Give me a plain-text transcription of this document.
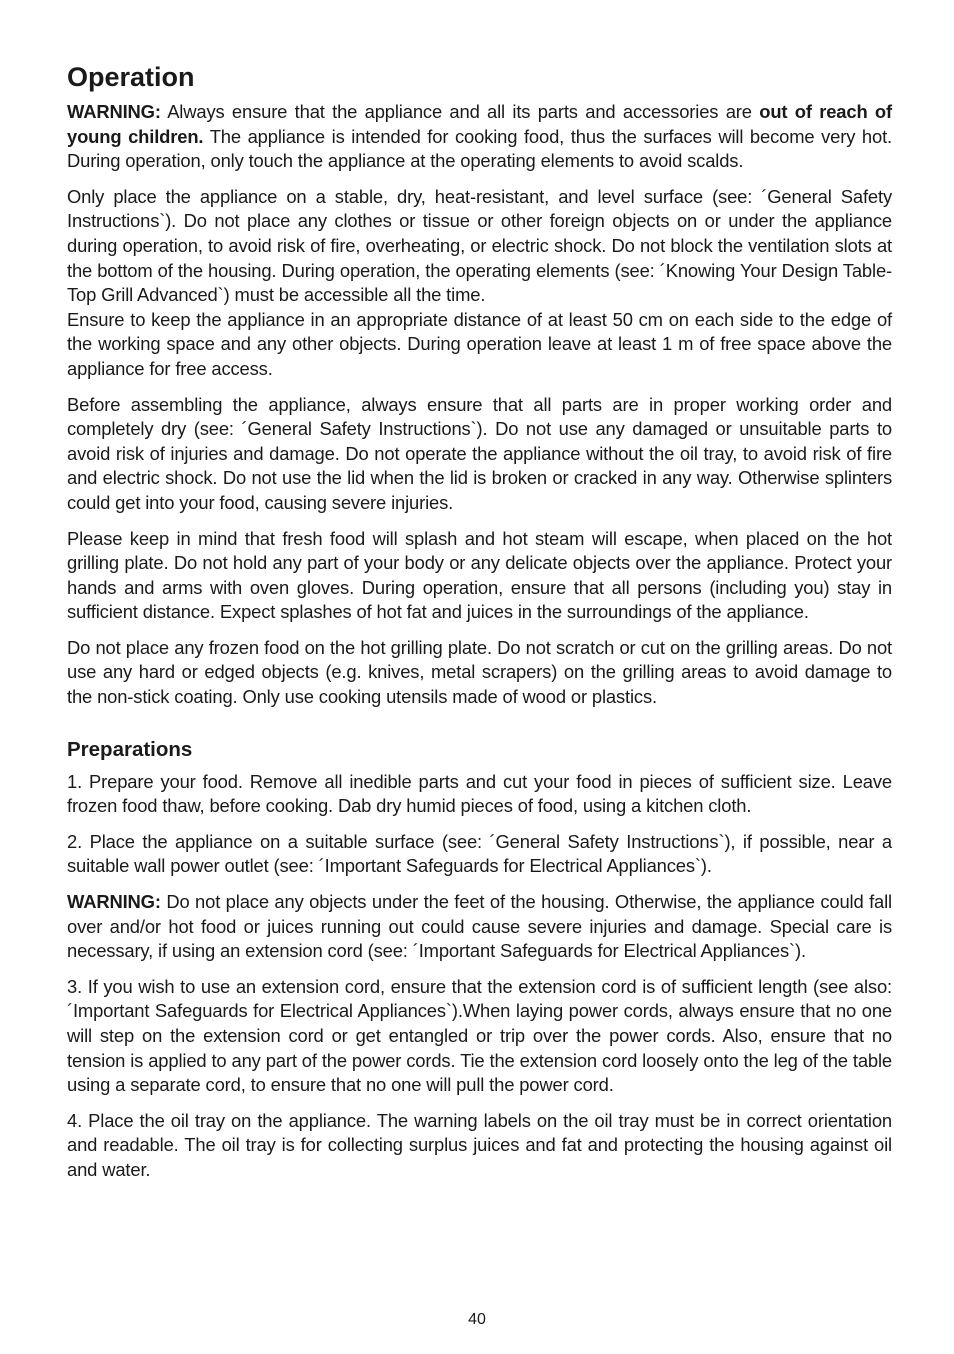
Operation

WARNING: Always ensure that the appliance and all its parts and accessories are out of reach of young children. The appliance is intended for cooking food, thus the surfaces will become very hot. During operation, only touch the appliance at the operating elements to avoid scalds.

Only place the appliance on a stable, dry, heat-resistant, and level surface (see: ´General Safety Instructions`). Do not place any clothes or tissue or other foreign objects on or under the appliance during operation, to avoid risk of fire, overheating, or electric shock. Do not block the ventilation slots at the bottom of the housing. During operation, the operating elements (see: ´Knowing Your Design Table-Top Grill Advanced`) must be accessible all the time.

Ensure to keep the appliance in an appropriate distance of at least 50 cm on each side to the edge of the working space and any other objects. During operation leave at least 1 m of free space above the appliance for free access.

Before assembling the appliance, always ensure that all parts are in proper working order and completely dry (see: ´General Safety Instructions`). Do not use any damaged or unsuitable parts to avoid risk of injuries and damage. Do not operate the appliance without the oil tray, to avoid risk of fire and electric shock. Do not use the lid when the lid is broken or cracked in any way. Otherwise splinters could get into your food, causing severe injuries.

Please keep in mind that fresh food will splash and hot steam will escape, when placed on the hot grilling plate. Do not hold any part of your body or any delicate objects over the appliance. Protect your hands and arms with oven gloves. During operation, ensure that all persons (including you) stay in sufficient distance. Expect splashes of hot fat and juices in the surroundings of the appliance.

Do not place any frozen food on the hot grilling plate. Do not scratch or cut on the grilling areas. Do not use any hard or edged objects (e.g. knives, metal scrapers) on the grilling areas to avoid damage to the non-stick coating. Only use cooking utensils made of wood or plastics.

Preparations

1. Prepare your food. Remove all inedible parts and cut your food in pieces of sufficient size. Leave frozen food thaw, before cooking. Dab dry humid pieces of food, using a kitchen cloth.

2. Place the appliance on a suitable surface (see: ´General Safety Instructions`), if possible, near a suitable wall power outlet (see: ´Important Safeguards for Electrical Appliances`).

WARNING: Do not place any objects under the feet of the housing. Otherwise, the appliance could fall over and/or hot food or juices running out could cause severe injuries and damage. Special care is necessary, if using an extension cord (see: ´Important Safeguards for Electrical Appliances`).

3. If you wish to use an extension cord, ensure that the extension cord is of sufficient length (see also: ´Important Safeguards for Electrical Appliances`).When laying power cords, always ensure that no one will step on the extension cord or get entangled or trip over the power cords. Also, ensure that no tension is applied to any part of the power cords. Tie the extension cord loosely onto the leg of the table using a separate cord, to ensure that no one will pull the power cord.

4. Place the oil tray on the appliance. The warning labels on the oil tray must be in correct orientation and readable. The oil tray is for collecting surplus juices and fat and protecting the housing against oil and water.

40
